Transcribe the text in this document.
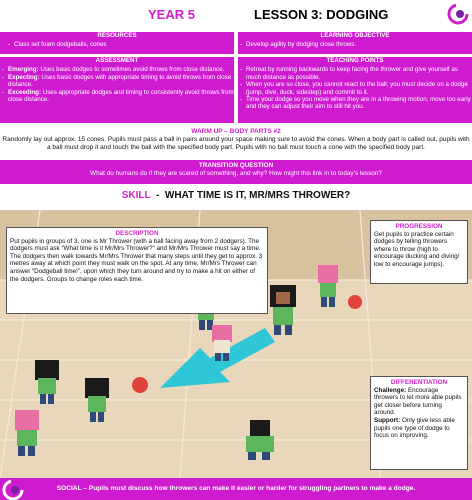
YEAR 5	LESSON 3: DODGING
RESOURCES
- Class set foam dodgeballs, cones
LEARNING OBJECTIVE
- Develop agility by dodging close throws.
ASSESSMENT
- Emerging: Uses basic dodges to sometimes avoid throws from close distance.
- Expecting: Uses basic dodges with appropriate timing to avoid throws from close distance.
- Exceeding: Uses appropriate dodges and timing to consistently avoid throws from close distance.
TEACHING POINTS
- Retreat by running backwards to keep facing the thrower and give yourself as much distance as possible.
- When you are so close, you cannot react to the ball; you must decide on a dodge (jump, dive, duck, sidestep) and commit to it.
- Time your dodge so you move when they are in a throwing motion; move too early and they can adjust their aim to still hit you.
WARM UP – BODY PARTS #2
Randomly lay out approx. 15 cones. Pupils must pass a ball in pairs around your space making sure to avoid the cones. When a body part is called out, pupils with a ball must drop it and touch the ball with the specified body part. Pupils with no ball must touch a cone with the specified body part.
TRANSITION QUESTION
What do humans do if they are scared of something, and why? How might this link in to today’s lesson?
SKILL  -  WHAT TIME IS IT, MR/MRS THROWER?
DESCRIPTION
Put pupils in groups of 3, one is Mr Thrower (with a ball facing away from 2 dodgers). The dodgers must ask “What time is it Mr/Mrs Thrower?” and Mr/Mrs Thrower must say a time. The dodgers then walk towards Mr/Mrs Thrower that many steps until they get to approx. 3 metres away at which point they must walk on the spot. At any time, Mr/Mrs Thrower can answer “Dodgeball time!”, upon which they turn around and try to make a hit on either of the dodgers. Groups to change roles each time.
PROGRESSION
Get pupils to practice certain dodges by telling throwers where to throw (high to encourage ducking and diving/ low to encourage jumps).
DIFFERENTIATION
Challenge: Encourage throwers to let more able pupils get closer before turning around.
Support: Only give less able pupils one type of dodge to focus on improving.
SOCIAL – Pupils must discuss how throwers can make it easier or harder for struggling partners to make a dodge.
